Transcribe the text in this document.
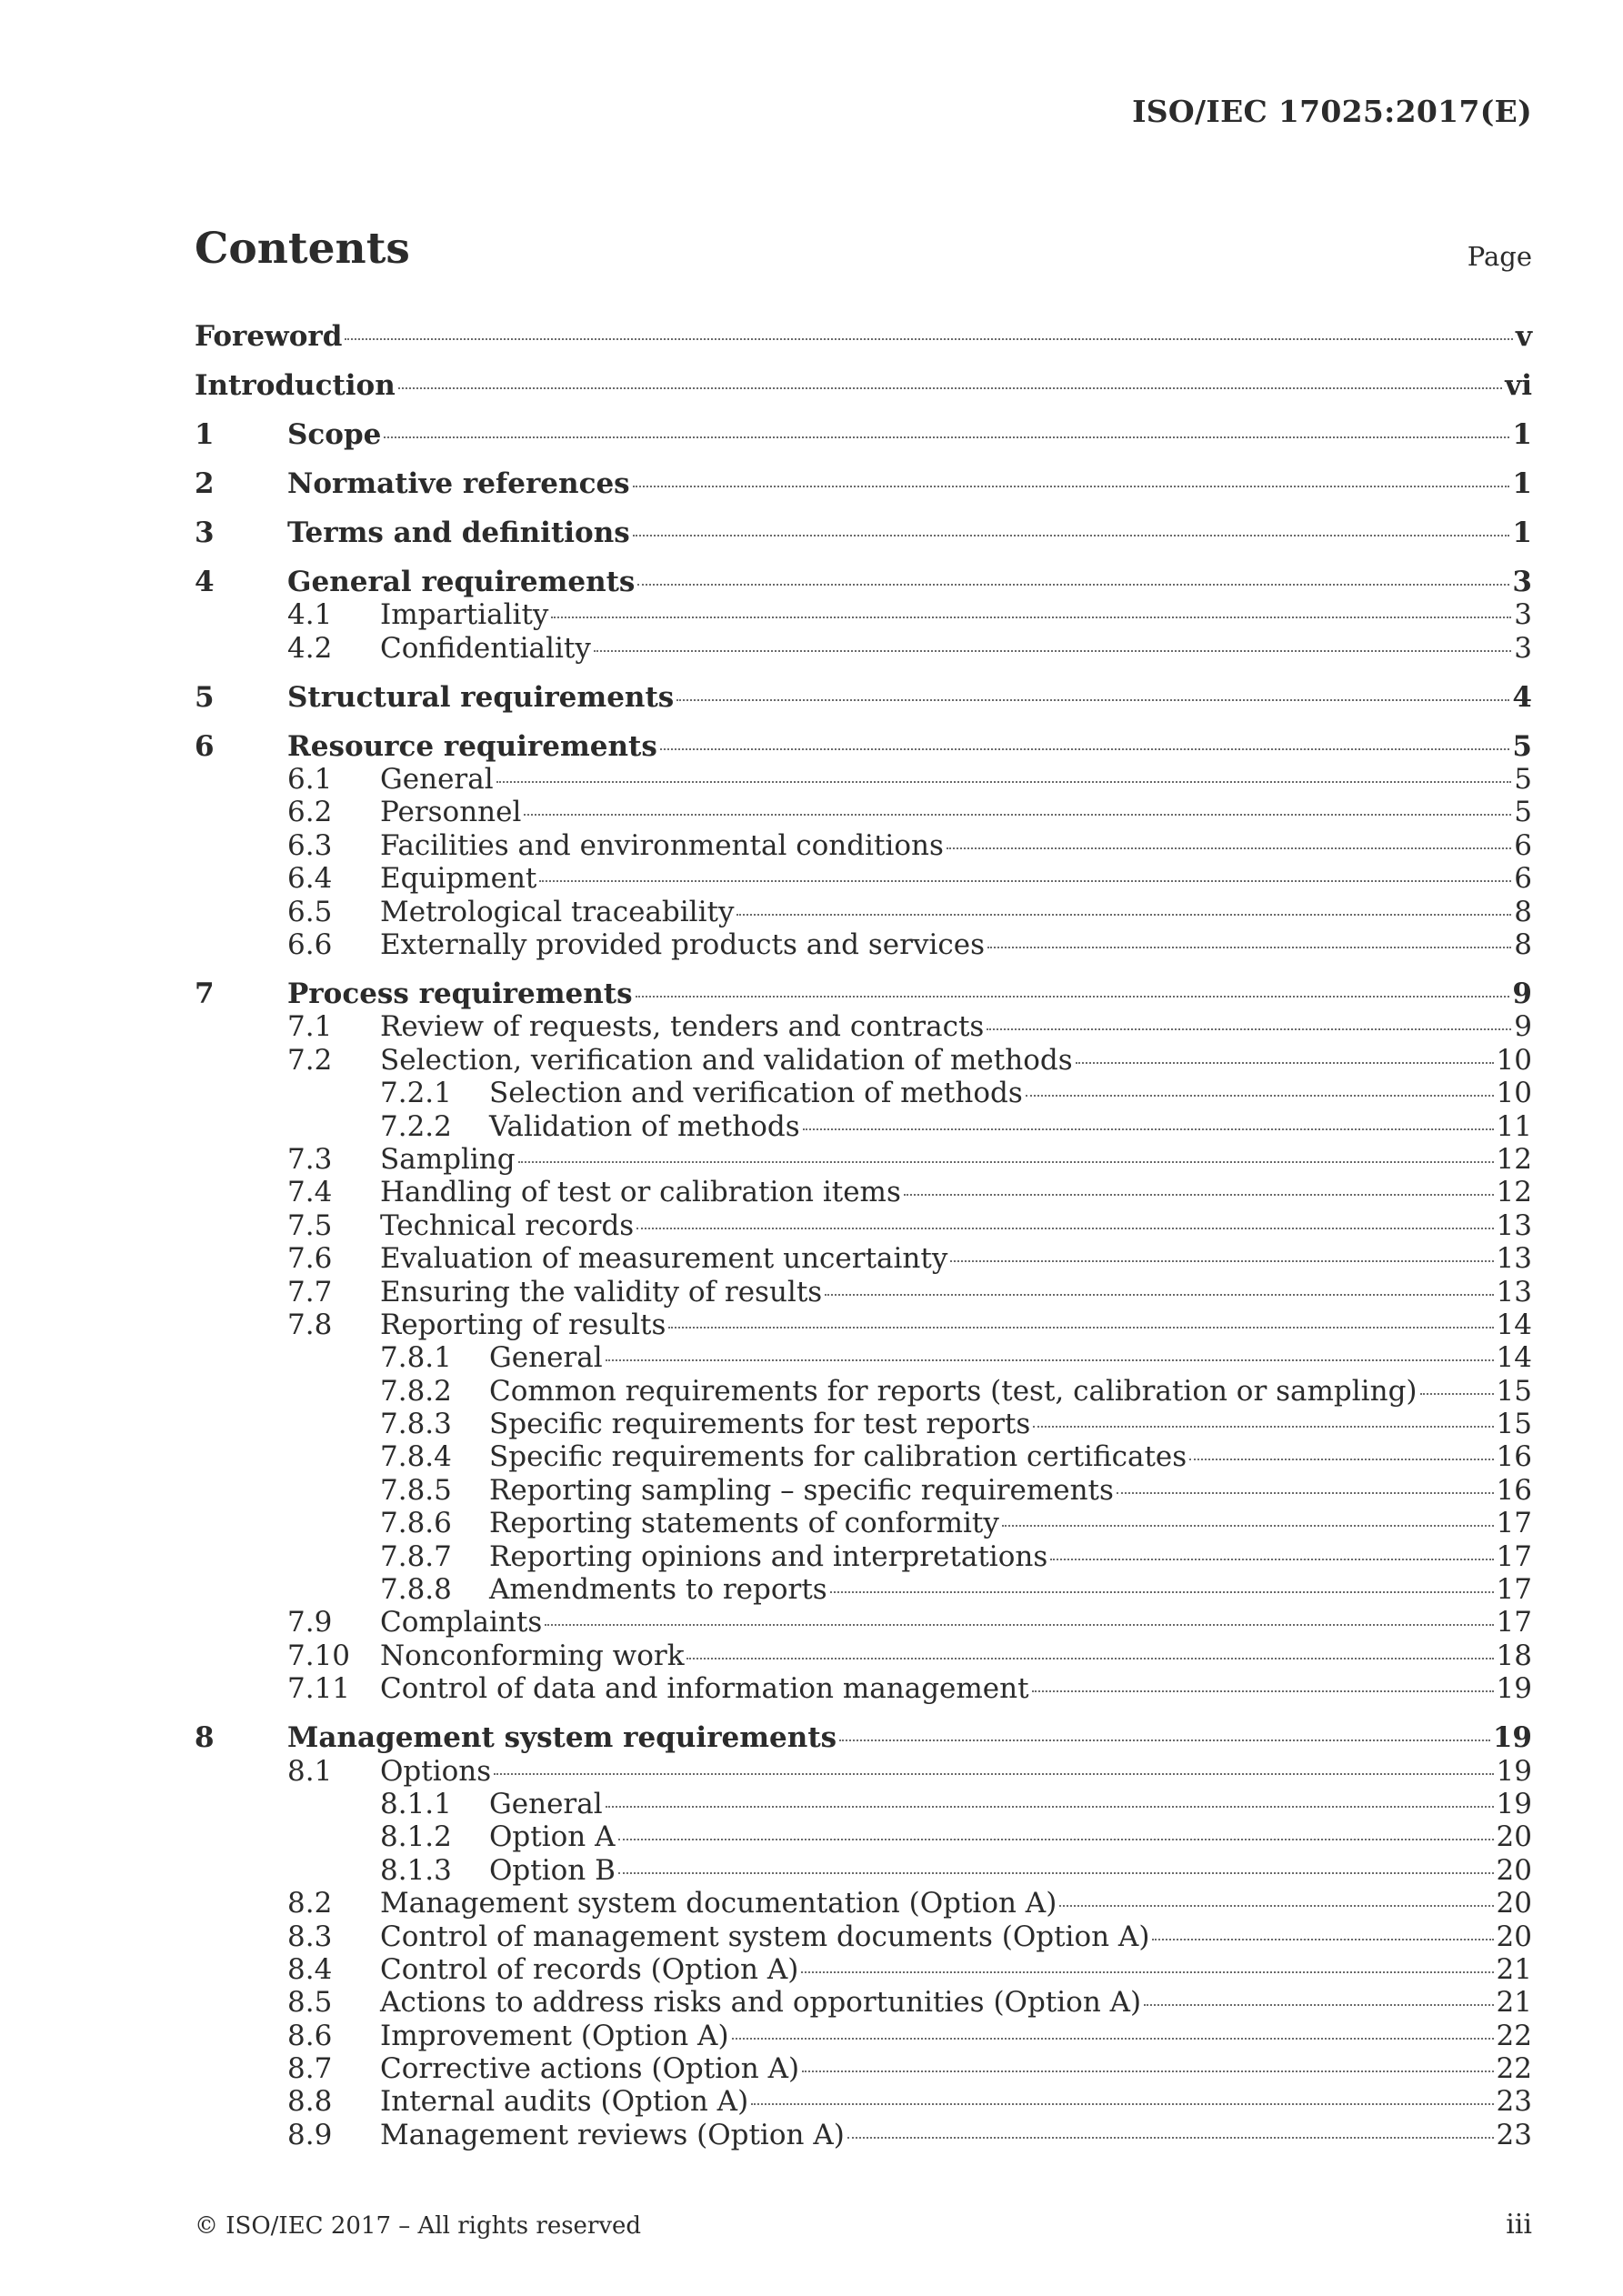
ISO/IEC 17025:2017(E)
Contents	Page
Foreword	v
Introduction	vi
1	Scope	1
2	Normative references	1
3	Terms and definitions	1
4	General requirements	3
4.1	Impartiality	3
4.2	Confidentiality	3
5	Structural requirements	4
6	Resource requirements	5
6.1	General	5
6.2	Personnel	5
6.3	Facilities and environmental conditions	6
6.4	Equipment	6
6.5	Metrological traceability	8
6.6	Externally provided products and services	8
7	Process requirements	9
7.1	Review of requests, tenders and contracts	9
7.2	Selection, verification and validation of methods	10
7.2.1	Selection and verification of methods	10
7.2.2	Validation of methods	11
7.3	Sampling	12
7.4	Handling of test or calibration items	12
7.5	Technical records	13
7.6	Evaluation of measurement uncertainty	13
7.7	Ensuring the validity of results	13
7.8	Reporting of results	14
7.8.1	General	14
7.8.2	Common requirements for reports (test, calibration or sampling)	15
7.8.3	Specific requirements for test reports	15
7.8.4	Specific requirements for calibration certificates	16
7.8.5	Reporting sampling – specific requirements	16
7.8.6	Reporting statements of conformity	17
7.8.7	Reporting opinions and interpretations	17
7.8.8	Amendments to reports	17
7.9	Complaints	17
7.10	Nonconforming work	18
7.11	Control of data and information management	19
8	Management system requirements	19
8.1	Options	19
8.1.1	General	19
8.1.2	Option A	20
8.1.3	Option B	20
8.2	Management system documentation (Option A)	20
8.3	Control of management system documents (Option A)	20
8.4	Control of records (Option A)	21
8.5	Actions to address risks and opportunities (Option A)	21
8.6	Improvement (Option A)	22
8.7	Corrective actions (Option A)	22
8.8	Internal audits (Option A)	23
8.9	Management reviews (Option A)	23
© ISO/IEC 2017 – All rights reserved	iii
